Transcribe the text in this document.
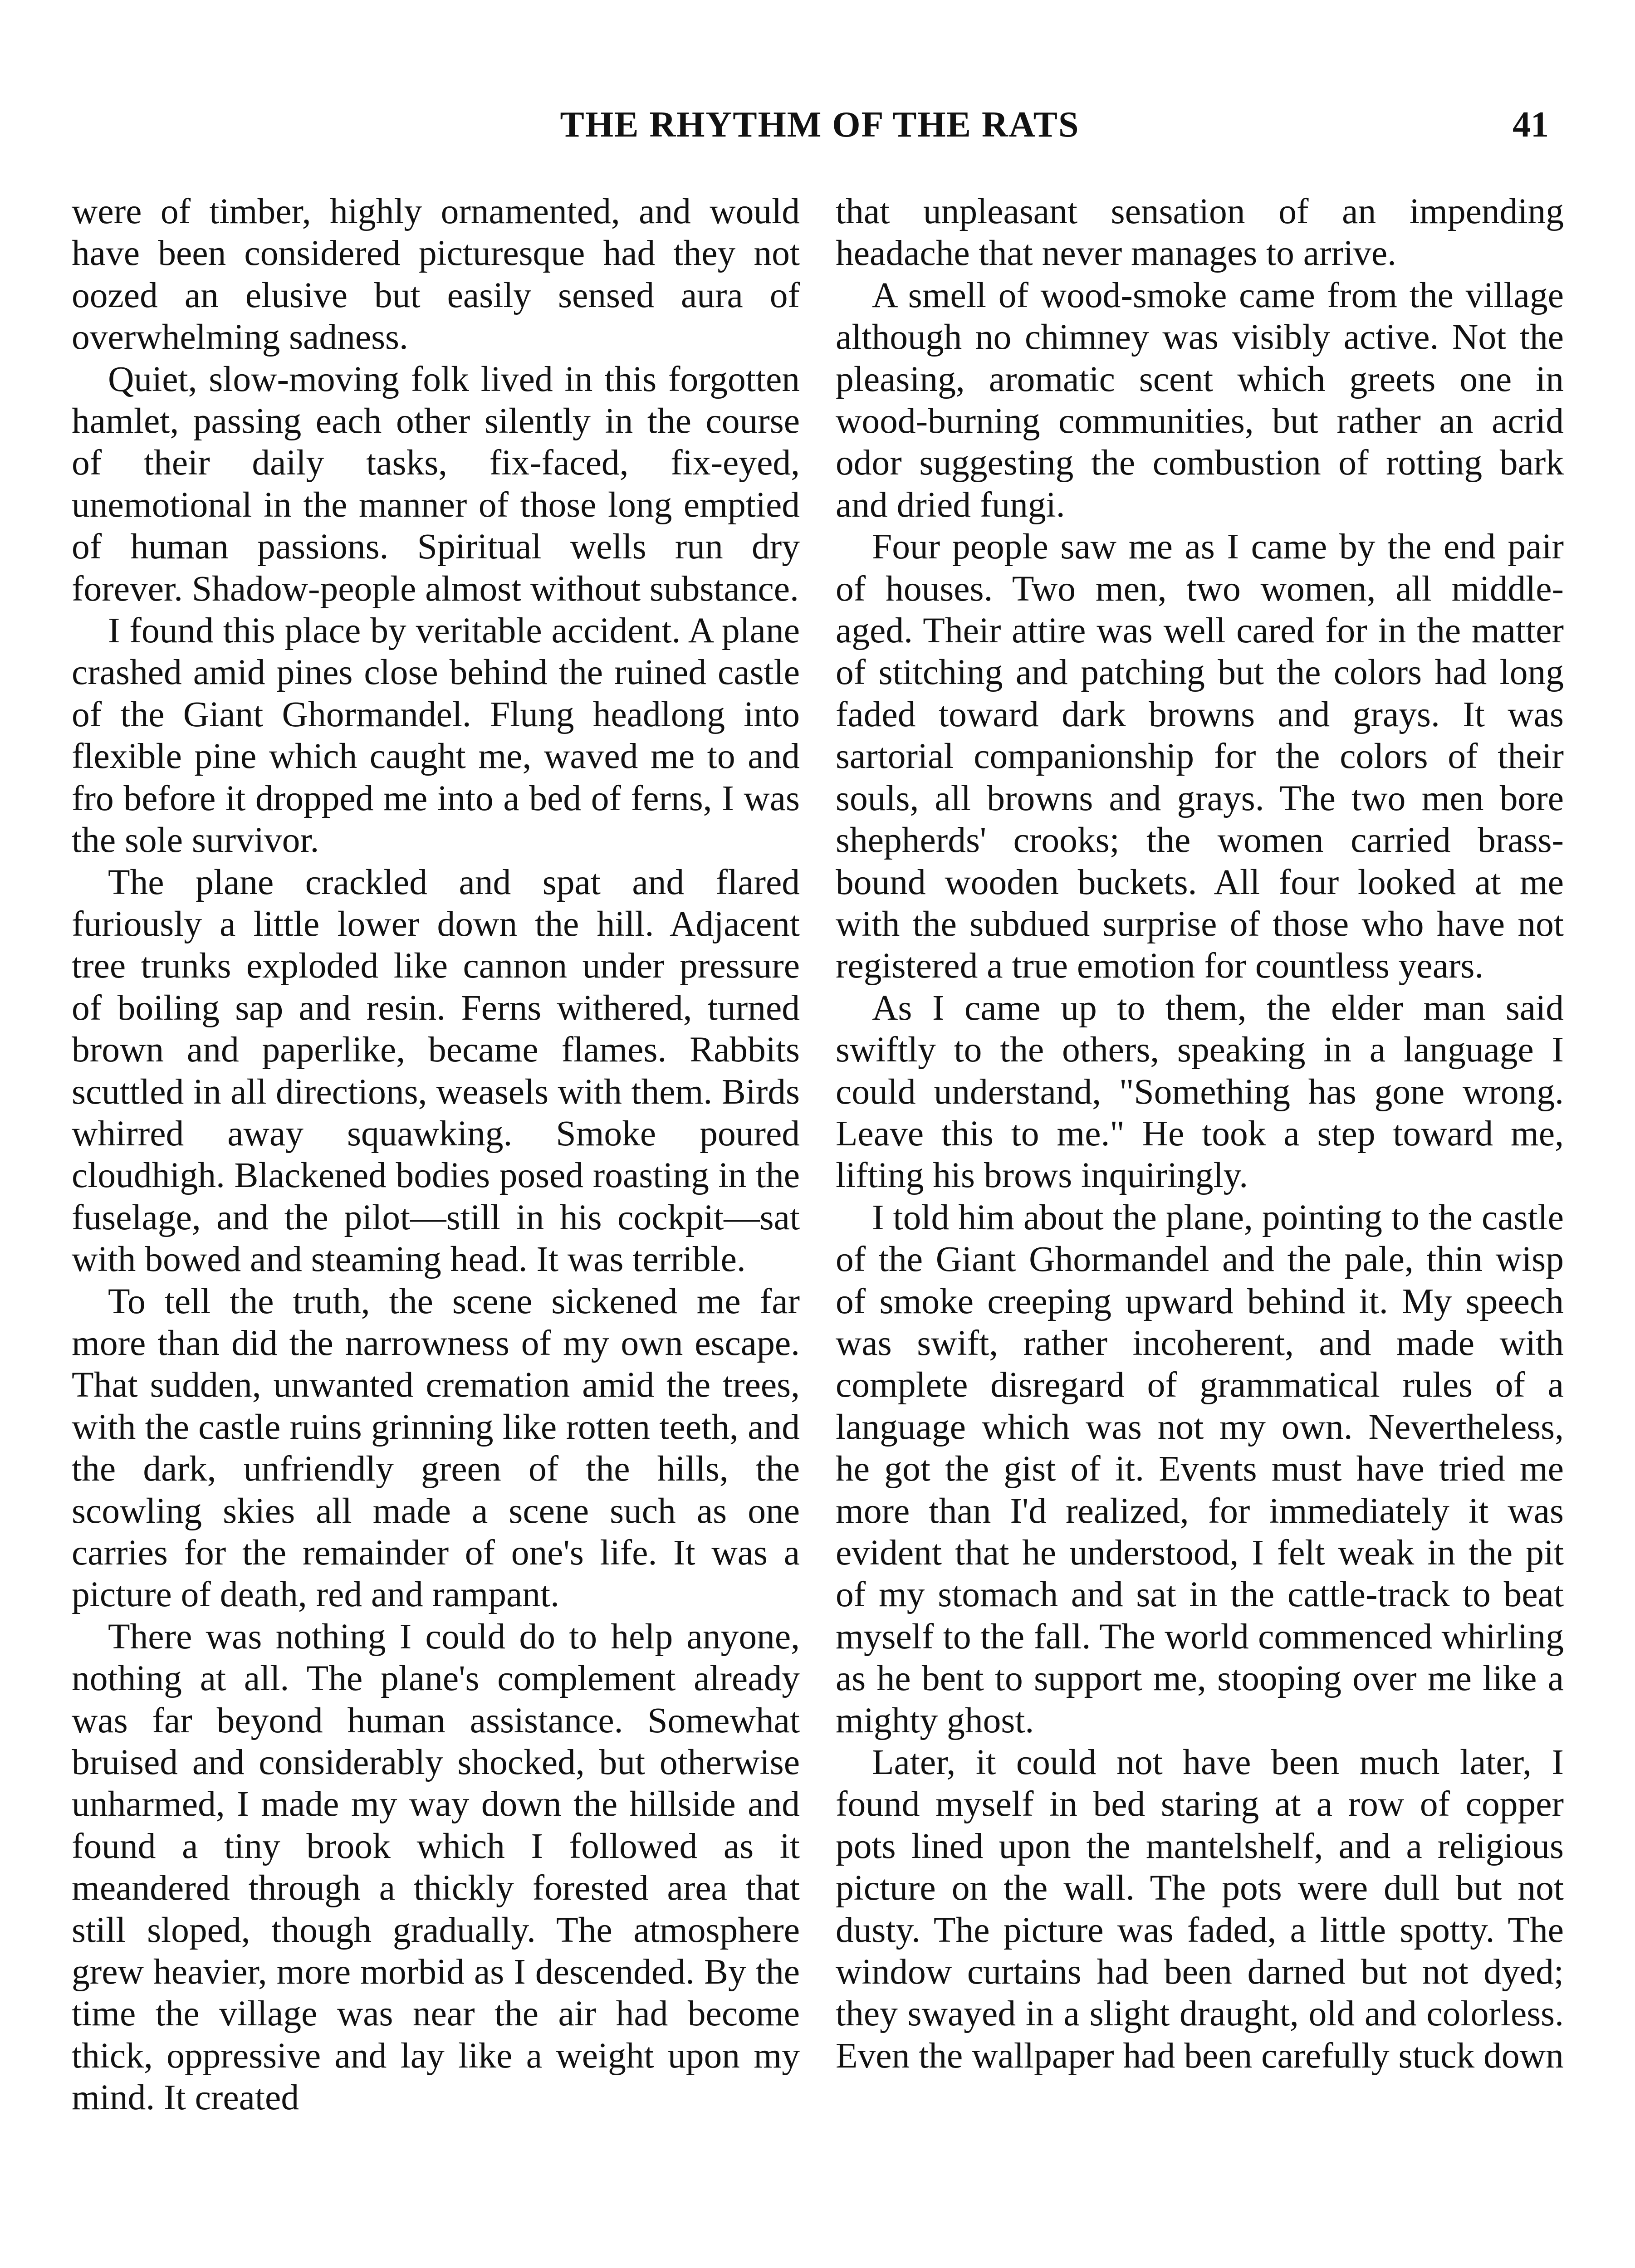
THE RHYTHM OF THE RATS	41

were of timber, highly ornamented, and would have been considered picturesque had they not oozed an elusive but easily sensed aura of overwhelming sadness.

Quiet, slow-moving folk lived in this forgotten hamlet, passing each other silently in the course of their daily tasks, fix-faced, fix-eyed, unemotional in the manner of those long emptied of human passions. Spiritual wells run dry forever. Shadow-people almost without substance.

I found this place by veritable accident. A plane crashed amid pines close behind the ruined castle of the Giant Ghormandel. Flung headlong into flexible pine which caught me, waved me to and fro before it dropped me into a bed of ferns, I was the sole survivor.

The plane crackled and spat and flared furiously a little lower down the hill. Adjacent tree trunks exploded like cannon under pressure of boiling sap and resin. Ferns withered, turned brown and paperlike, became flames. Rabbits scuttled in all directions, weasels with them. Birds whirred away squawking. Smoke poured cloudhigh. Blackened bodies posed roasting in the fuselage, and the pilot—still in his cockpit—sat with bowed and steaming head. It was terrible.

To tell the truth, the scene sickened me far more than did the narrowness of my own escape. That sudden, unwanted cremation amid the trees, with the castle ruins grinning like rotten teeth, and the dark, unfriendly green of the hills, the scowling skies all made a scene such as one carries for the remainder of one's life. It was a picture of death, red and rampant.

There was nothing I could do to help anyone, nothing at all. The plane's complement already was far beyond human assistance. Somewhat bruised and considerably shocked, but otherwise unharmed, I made my way down the hillside and found a tiny brook which I followed as it meandered through a thickly forested area that still sloped, though gradually. The atmosphere grew heavier, more morbid as I descended. By the time the village was near the air had become thick, oppressive and lay like a weight upon my mind. It created

that unpleasant sensation of an impending headache that never manages to arrive.

A smell of wood-smoke came from the village although no chimney was visibly active. Not the pleasing, aromatic scent which greets one in wood-burning communities, but rather an acrid odor suggesting the combustion of rotting bark and dried fungi.

Four people saw me as I came by the end pair of houses. Two men, two women, all middle-aged. Their attire was well cared for in the matter of stitching and patching but the colors had long faded toward dark browns and grays. It was sartorial companionship for the colors of their souls, all browns and grays. The two men bore shepherds' crooks; the women carried brass-bound wooden buckets. All four looked at me with the subdued surprise of those who have not registered a true emotion for countless years.

As I came up to them, the elder man said swiftly to the others, speaking in a language I could understand, "Something has gone wrong. Leave this to me." He took a step toward me, lifting his brows inquiringly.

I told him about the plane, pointing to the castle of the Giant Ghormandel and the pale, thin wisp of smoke creeping upward behind it. My speech was swift, rather incoherent, and made with complete disregard of grammatical rules of a language which was not my own. Nevertheless, he got the gist of it. Events must have tried me more than I'd realized, for immediately it was evident that he understood, I felt weak in the pit of my stomach and sat in the cattle-track to beat myself to the fall. The world commenced whirling as he bent to support me, stooping over me like a mighty ghost.

Later, it could not have been much later, I found myself in bed staring at a row of copper pots lined upon the mantelshelf, and a religious picture on the wall. The pots were dull but not dusty. The picture was faded, a little spotty. The window curtains had been darned but not dyed; they swayed in a slight draught, old and colorless. Even the wallpaper had been carefully stuck down
